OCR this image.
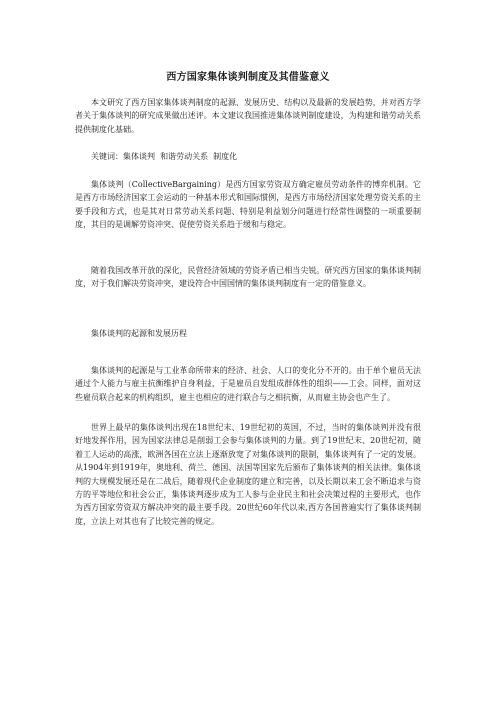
西方国家集体谈判制度及其借鉴意义

本文研究了西方国家集体谈判制度的起源、发展历史、结构以及最新的发展趋势，并对西方学者关于集体谈判的研究成果做出述评。本文建议我国推进集体谈判制度建设，为构建和谐劳动关系提供制度化基础。

关键词：集体谈判  和谐劳动关系  制度化

集体谈判（CollectiveBargaining）是西方国家劳资双方确定雇员劳动条件的博弈机制。它是西方市场经济国家工会运动的一种基本形式和国际惯例，是西方市场经济国家处理劳资关系的主要手段和方式，也是其对日常劳动关系问题、特别是利益划分问题进行经常性调整的一项重要制度，其目的是调解劳资冲突、促使劳资关系趋于缓和与稳定。

随着我国改革开放的深化，民营经济领域的劳资矛盾已相当尖锐。研究西方国家的集体谈判制度，对于我们解决劳资冲突，建设符合中国国情的集体谈判制度有一定的借鉴意义。

集体谈判的起源和发展历程

集体谈判的起源是与工业革命所带来的经济、社会、人口的变化分不开的。由于单个雇员无法通过个人能力与雇主抗衡维护自身利益，于是雇员自发组成群体性的组织——工会。同样，面对这些雇员联合起来的机构组织，雇主也相应的进行联合与之相抗衡，从而雇主协会也产生了。

世界上最早的集体谈判出现在18世纪末、19世纪初的英国，不过，当时的集体谈判并没有很好地发挥作用，因为国家法律总是削弱工会参与集体谈判的力量。到了19世纪末、20世纪初，随着工人运动的高涨，欧洲各国在立法上逐渐放宽了对集体谈判的限制，集体谈判有了一定的发展。从1904年到1919年，奥地利、荷兰、德国、法国等国家先后颁布了集体谈判的相关法律。集体谈判的大规模发展还是在二战后，随着现代企业制度的建立和完善，以及长期以来工会不断追求与资方的平等地位和社会公正，集体谈判逐步成为工人参与企业民主和社会决策过程的主要形式，也作为西方国家劳资双方解决冲突的最主要手段。20世纪60年代以来,西方各国普遍实行了集体谈判制度，立法上对其也有了比较完善的规定。
